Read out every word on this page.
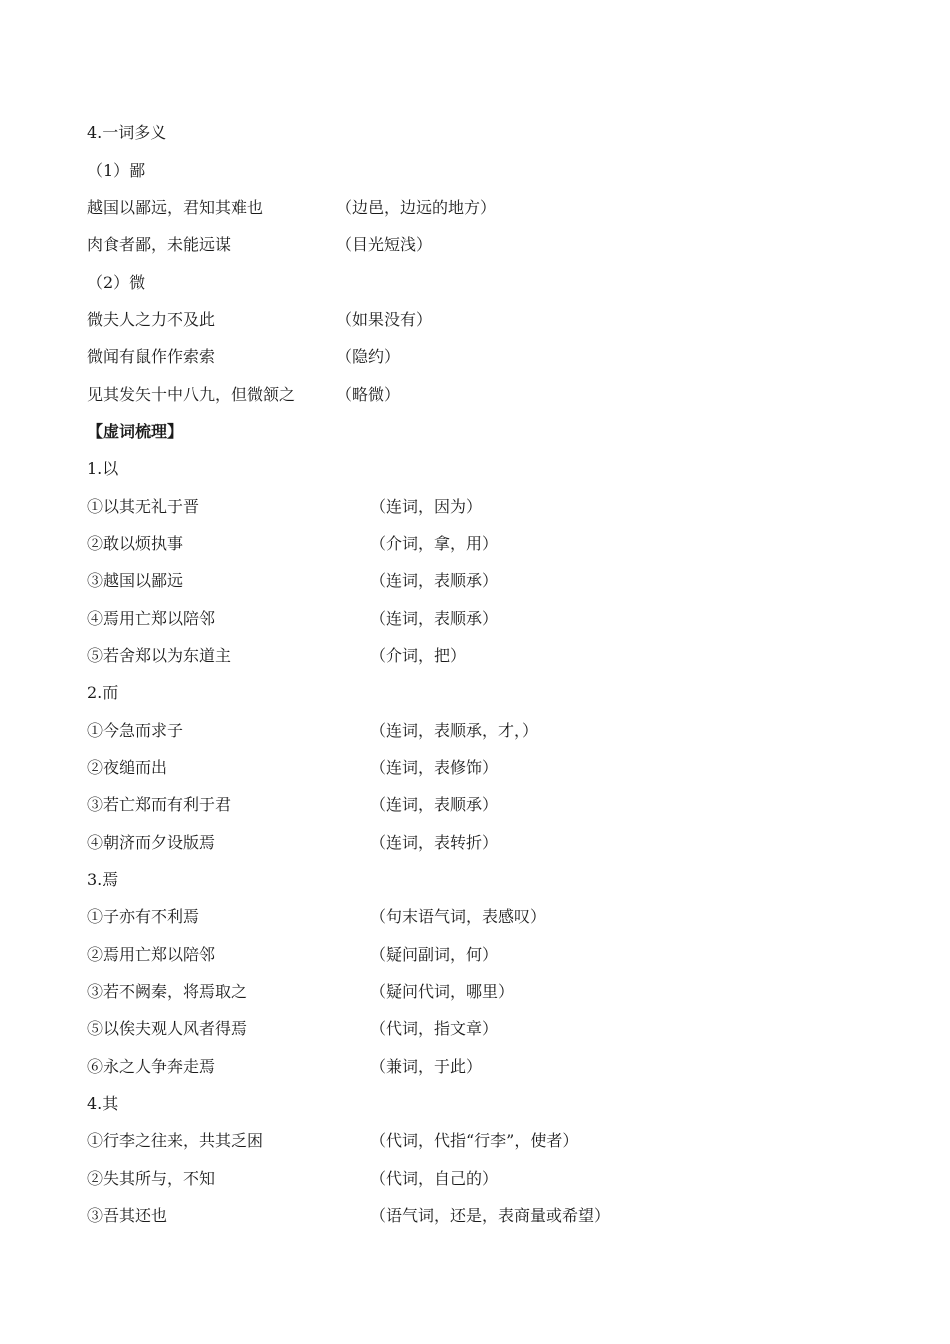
4.一词多义
（1）鄙
越国以鄙远，君知其难也	（边邑，边远的地方）
肉食者鄙，未能远谋	（目光短浅）
（2）微
微夫人之力不及此	（如果没有）
微闻有鼠作作索索	（隐约）
见其发矢十中八九，但微颔之	（略微）
【虚词梳理】
1.以
①以其无礼于晋	（连词，因为）
②敢以烦执事	（介词，拿，用）
③越国以鄙远	（连词，表顺承）
④焉用亡郑以陪邻	（连词，表顺承）
⑤若舍郑以为东道主	（介词，把）
2.而
①今急而求子	（连词，表顺承，才，）
②夜缒而出	（连词，表修饰）
③若亡郑而有利于君	（连词，表顺承）
④朝济而夕设版焉	（连词，表转折）
3.焉
①子亦有不利焉	（句末语气词，表感叹）
②焉用亡郑以陪邻	（疑问副词，何）
③若不阙秦，将焉取之	（疑问代词，哪里）
⑤以俟夫观人风者得焉	（代词，指文章）
⑥永之人争奔走焉	（兼词，于此）
4.其
①行李之往来，共其乏困	（代词，代指“行李”，使者）
②失其所与，不知	（代词，自己的）
③吾其还也	（语气词，还是，表商量或希望）
